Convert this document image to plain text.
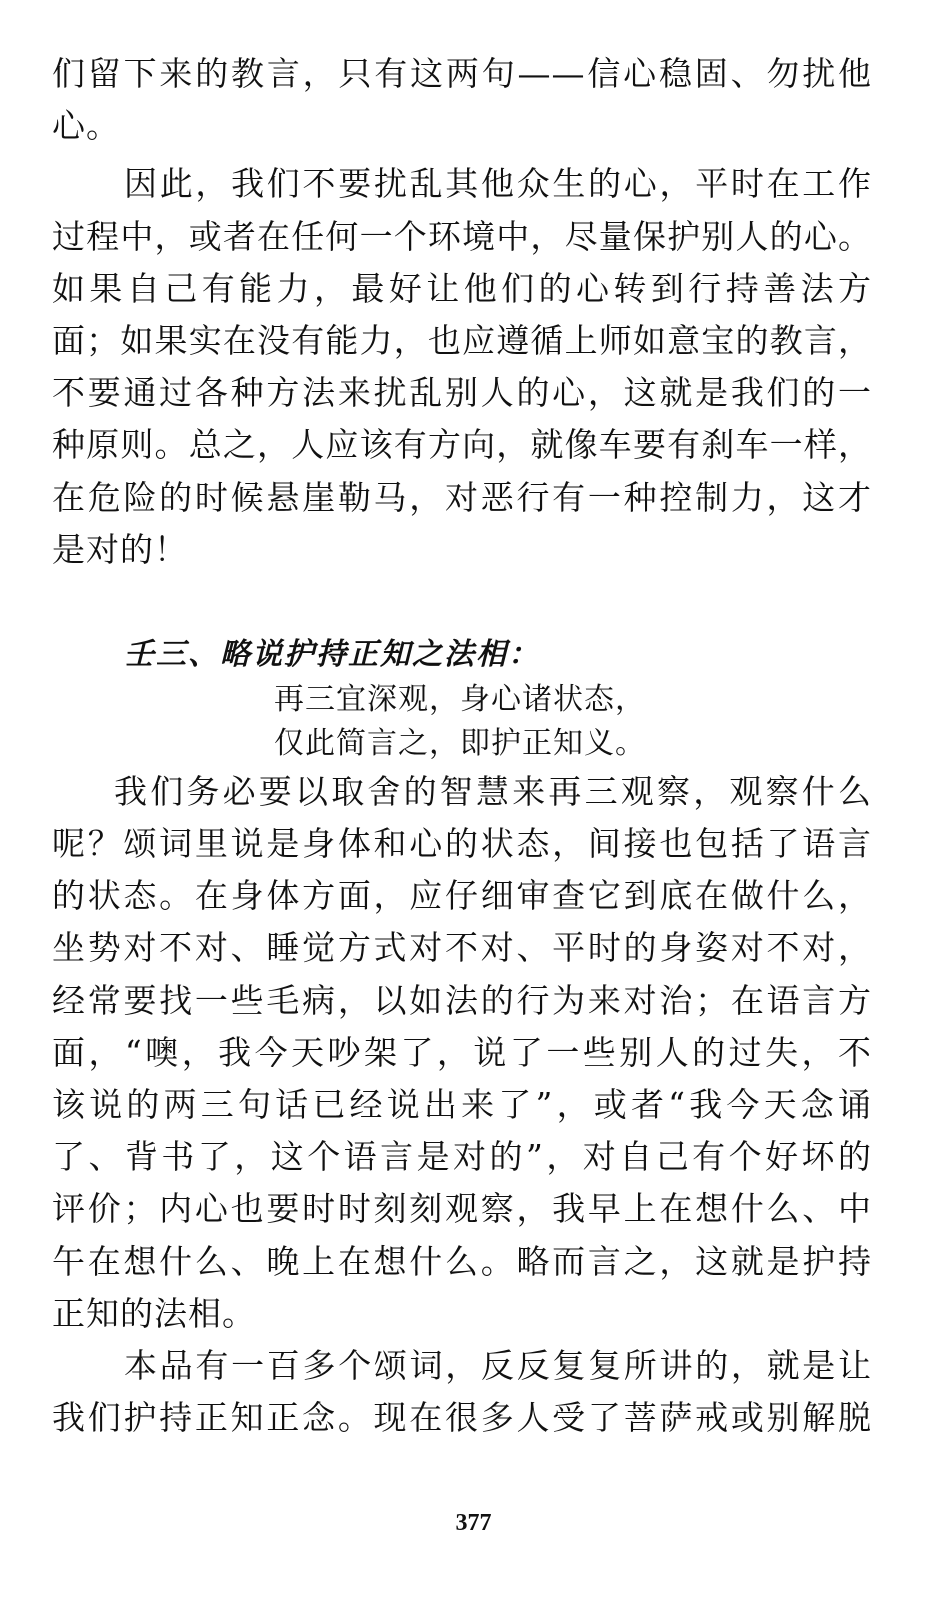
们留下来的教言，只有这两句——信心稳固、勿扰他
心。
因此，我们不要扰乱其他众生的心，平时在工作
过程中，或者在任何一个环境中，尽量保护别人的心。
如果自己有能力，最好让他们的心转到行持善法方
面；如果实在没有能力，也应遵循上师如意宝的教言，
不要通过各种方法来扰乱别人的心，这就是我们的一
种原则。总之，人应该有方向，就像车要有刹车一样，
在危险的时候悬崖勒马，对恶行有一种控制力，这才
是对的！
壬三、略说护持正知之法相：
再三宜深观，身心诸状态，
仅此简言之，即护正知义。
我们务必要以取舍的智慧来再三观察，观察什么
呢？颂词里说是身体和心的状态，间接也包括了语言
的状态。在身体方面，应仔细审查它到底在做什么，
坐势对不对、睡觉方式对不对、平时的身姿对不对，
经常要找一些毛病，以如法的行为来对治；在语言方
面，“噢，我今天吵架了，说了一些别人的过失，不
该说的两三句话已经说出来了”，或者“我今天念诵
了、背书了，这个语言是对的”，对自己有个好坏的
评价；内心也要时时刻刻观察，我早上在想什么、中
午在想什么、晚上在想什么。略而言之，这就是护持
正知的法相。
本品有一百多个颂词，反反复复所讲的，就是让
我们护持正知正念。现在很多人受了菩萨戒或别解脱
377
